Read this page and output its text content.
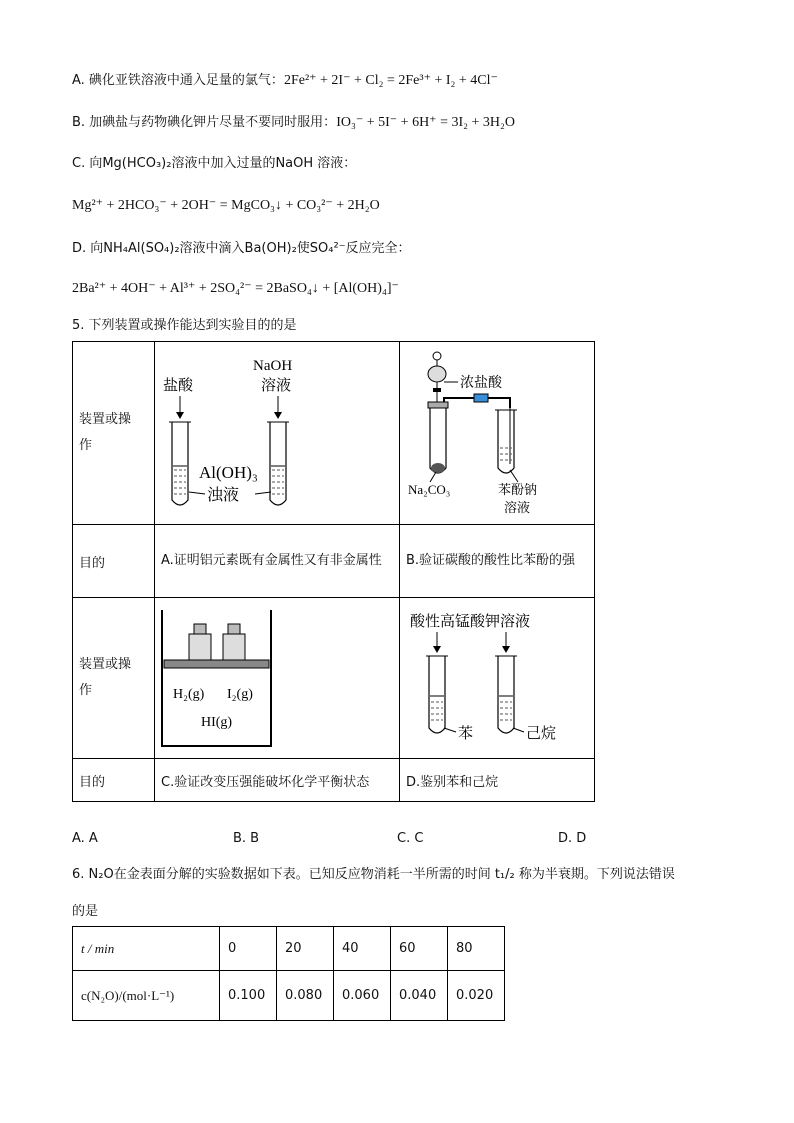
A. 碘化亚铁溶液中通入足量的氯气：2Fe²⁺ + 2I⁻ + Cl₂ = 2Fe³⁺ + I₂ + 4Cl⁻
B. 加碘盐与药物碘化钾片尽量不要同时服用：IO₃⁻ + 5I⁻ + 6H⁺ = 3I₂ + 3H₂O
C. 向Mg(HCO₃)₂溶液中加入过量的NaOH 溶液：
Mg²⁺ + 2HCO₃⁻ + 2OH⁻ = MgCO₃↓ + CO₃²⁻ + 2H₂O
D. 向NH₄Al(SO₄)₂溶液中滴入Ba(OH)₂使SO₄²⁻反应完全：
2Ba²⁺ + 4OH⁻ + Al³⁺ + 2SO₄²⁻ = 2BaSO₄↓ + [Al(OH)₄]⁻
5. 下列装置或操作能达到实验目的的是
装置或操作	盐酸
NaOH
溶液
Al(OH)₃
浊液	浓盐酸
Na₂CO₃ 苯酚钠
溶液

目的	A.证明铝元素既有金属性又有非金属性	B.验证碳酸的酸性比苯酚的强

装置或操作	H₂(g) I₂(g)
HI(g)	酸性高锰酸钾溶液
苯 己烷

目的	C.验证改变压强能破坏化学平衡状态	D.鉴别苯和己烷
A. A	B. B	C. C	D. D
6. N₂O在金表面分解的实验数据如下表。已知反应物消耗一半所需的时间 t₁/₂ 称为半衰期。下列说法错误
的是
t / min	0	20	40	60	80
c(N₂O)/(mol·L⁻¹)	0.100	0.080	0.060	0.040	0.020
